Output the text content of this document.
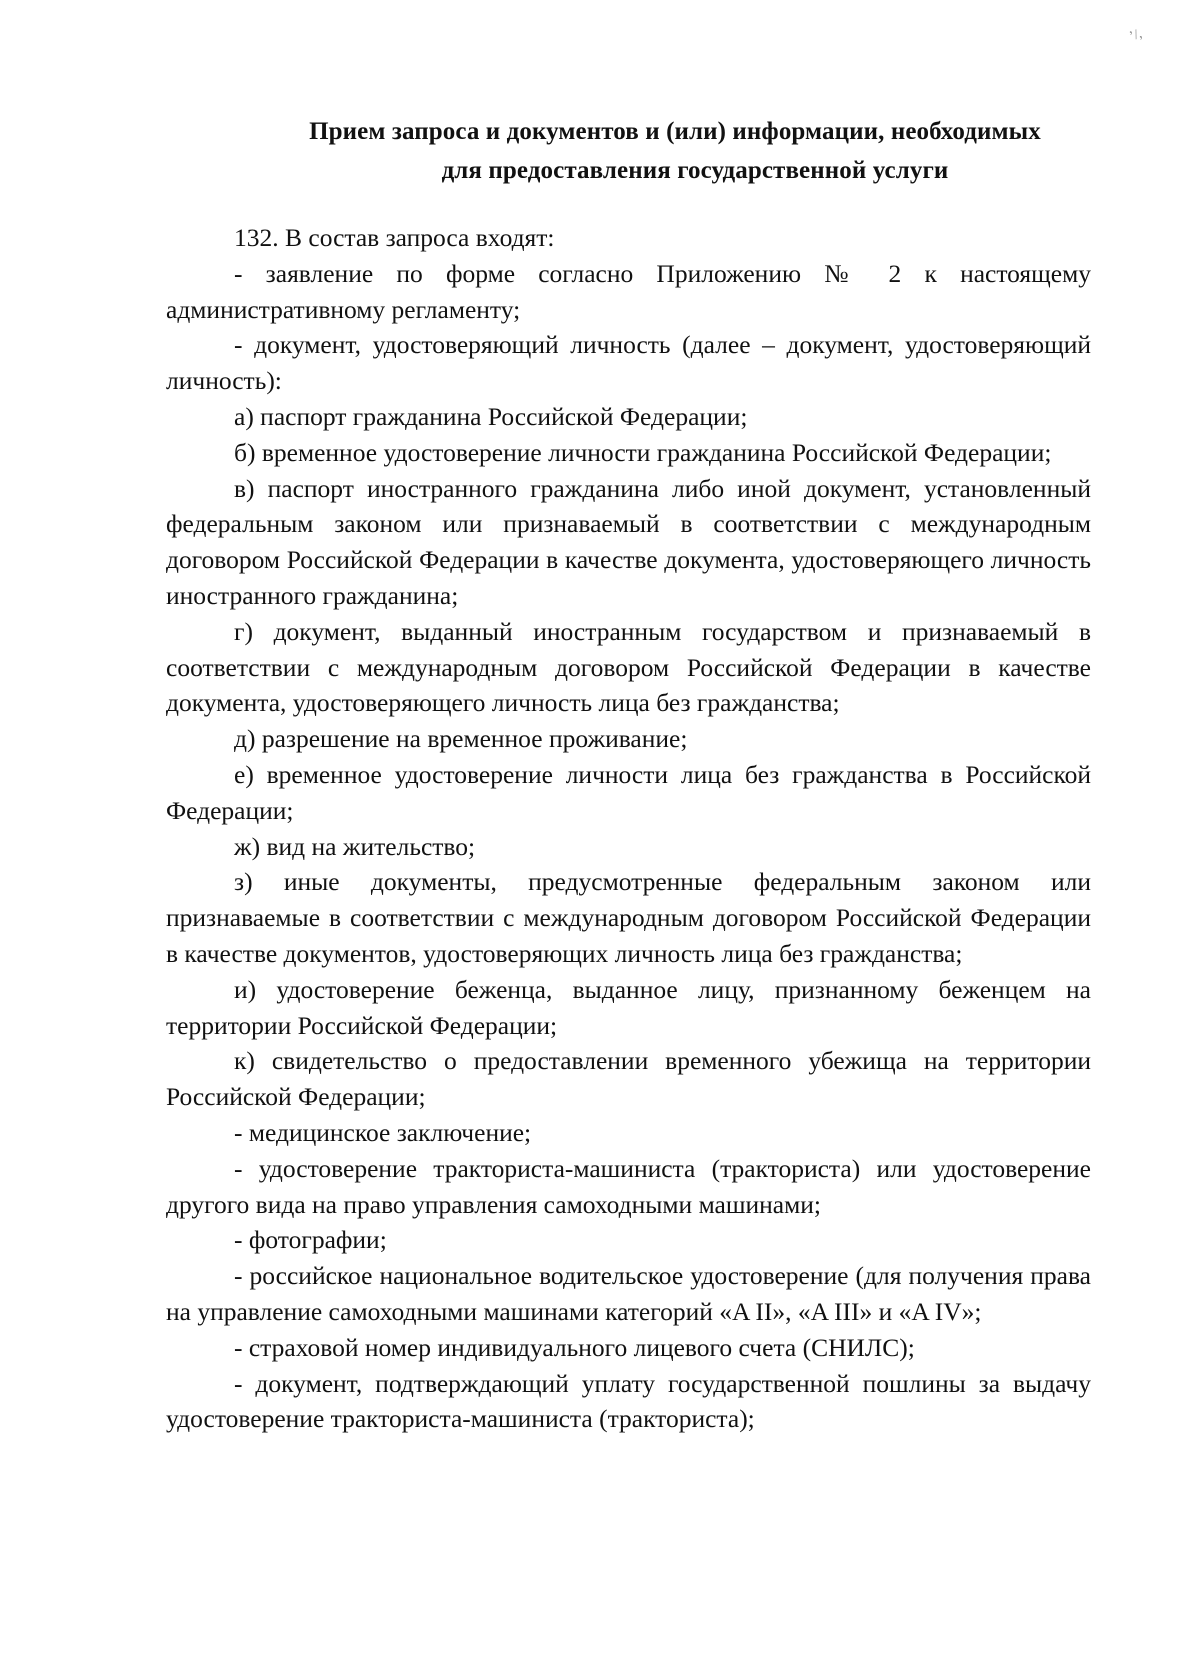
’/,
Прием запроса и документов и (или) информации, необходимых
для предоставления государственной услуги

132. В состав запроса входят:

- заявление по форме согласно Приложению № 2 к настоящему административному регламенту;

- документ, удостоверяющий личность (далее – документ, удостоверяющий личность):

а) паспорт гражданина Российской Федерации;

б) временное удостоверение личности гражданина Российской Федерации;

в) паспорт иностранного гражданина либо иной документ, установленный федеральным законом или признаваемый в соответствии с международным договором Российской Федерации в качестве документа, удостоверяющего личность иностранного гражданина;

г) документ, выданный иностранным государством и признаваемый в соответствии с международным договором Российской Федерации в качестве документа, удостоверяющего личность лица без гражданства;

д) разрешение на временное проживание;

е) временное удостоверение личности лица без гражданства в Российской Федерации;

ж) вид на жительство;

з) иные документы, предусмотренные федеральным законом или признаваемые в соответствии с международным договором Российской Федерации в качестве документов, удостоверяющих личность лица без гражданства;

и) удостоверение беженца, выданное лицу, признанному беженцем на территории Российской Федерации;

к) свидетельство о предоставлении временного убежища на территории Российской Федерации;

- медицинское заключение;

- удостоверение тракториста-машиниста (тракториста) или удостоверение другого вида на право управления самоходными машинами;

- фотографии;

- российское национальное водительское удостоверение (для получения права на управление самоходными машинами категорий «A II», «A III» и «A IV»;

- страховой номер индивидуального лицевого счета (СНИЛС);

- документ, подтверждающий уплату государственной пошлины за выдачу удостоверение тракториста-машиниста (тракториста);
